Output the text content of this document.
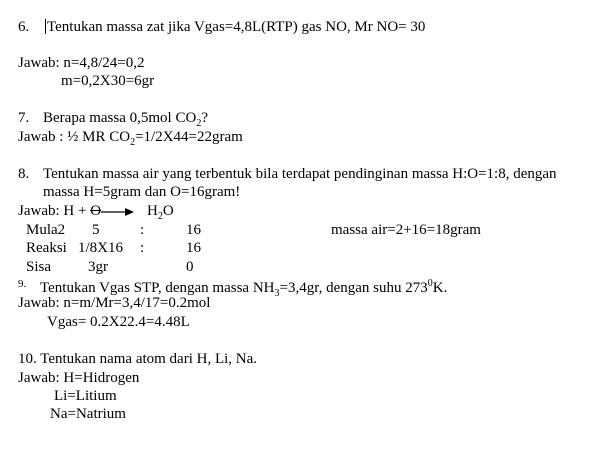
6. Tentukan massa zat jika Vgas=4,8L(RTP) gas NO, Mr NO= 30
Jawab: n=4,8/24=0,2
m=0,2X30=6gr
7. Berapa massa 0,5mol $CO_2$?
Jawab : ½ MR $CO_2=1/2X44=22gram$
8. Tentukan massa air yang terbentuk bila terdapat pendinginan massa H:O=1:8, dengan
massa H=5gram dan O=16gram!
Jawab: $H + O\to H_2O$
Mula2 5	:	16	massa air=2+16=18gram
Reaksi 1/8X16 :	16
Sisa 3gr	0
$^{9.}$ Tentukan Vgas STP, dengan massa $NH_3=3,4gr$, dengan suhu $273^0K$.
Jawab: n=m/Mr=3,4/17=0.2mol
Vgas= 0.2X22.4=4.48L
10. Tentukan nama atom dari H, Li, Na.
Jawab: H=Hidrogen
Li=Litium
Na=Natrium
